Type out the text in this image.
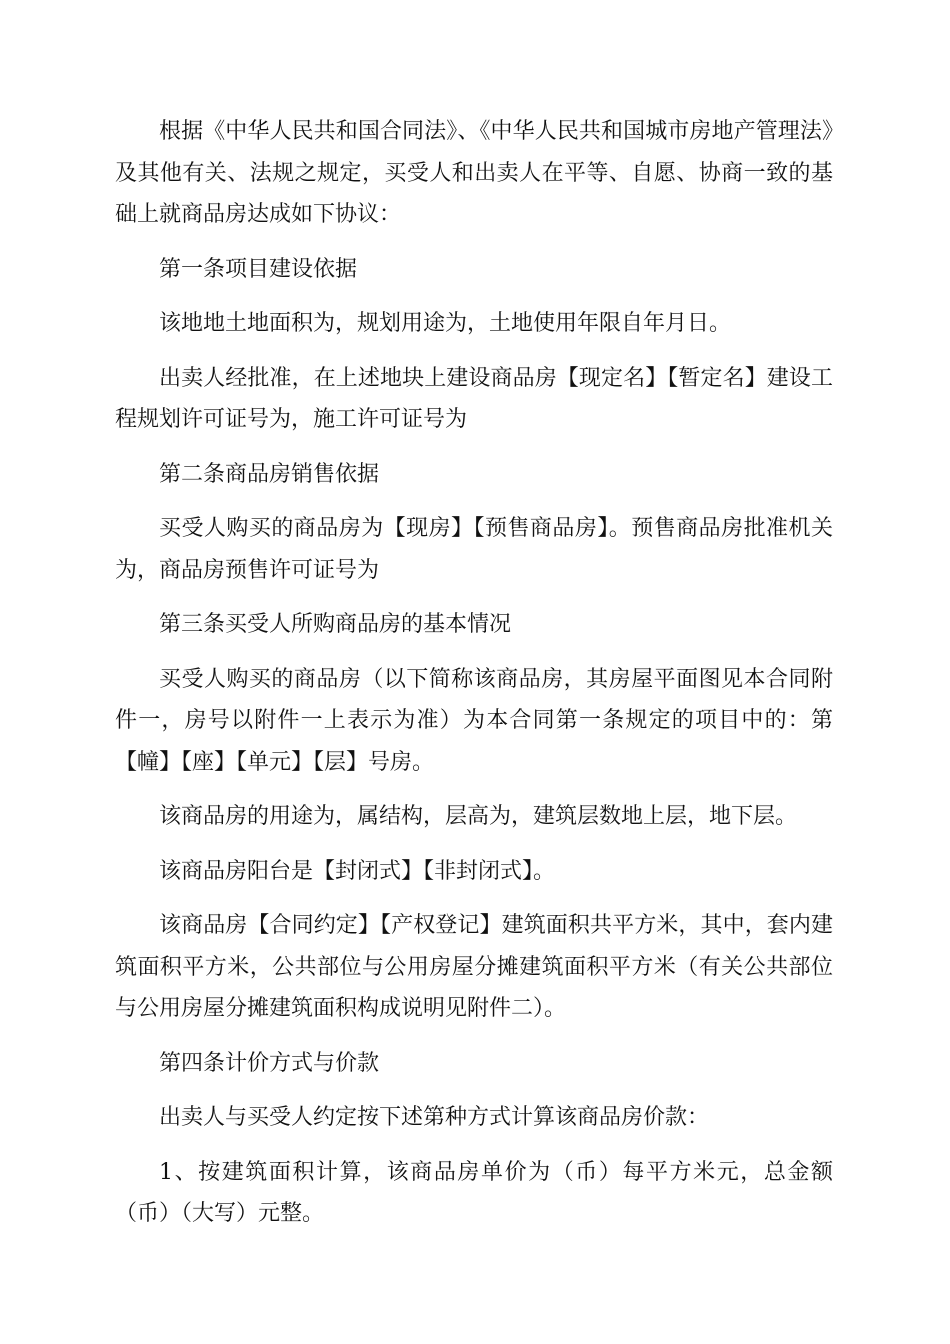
根据《中华人民共和国合同法》、《中华人民共和国城市房地产管理法》及其他有关、法规之规定，买受人和出卖人在平等、自愿、协商一致的基础上就商品房达成如下协议：

第一条项目建设依据

该地地土地面积为，规划用途为，土地使用年限自年月日。

出卖人经批准，在上述地块上建设商品房【现定名】【暂定名】建设工程规划许可证号为，施工许可证号为

第二条商品房销售依据

买受人购买的商品房为【现房】【预售商品房】。预售商品房批准机关为，商品房预售许可证号为

第三条买受人所购商品房的基本情况

买受人购买的商品房（以下简称该商品房，其房屋平面图见本合同附件一，房号以附件一上表示为准）为本合同第一条规定的项目中的：第【幢】【座】【单元】【层】号房。

该商品房的用途为，属结构，层高为，建筑层数地上层，地下层。

该商品房阳台是【封闭式】【非封闭式】。

该商品房【合同约定】【产权登记】建筑面积共平方米，其中，套内建筑面积平方米，公共部位与公用房屋分摊建筑面积平方米（有关公共部位与公用房屋分摊建筑面积构成说明见附件二）。

第四条计价方式与价款

出卖人与买受人约定按下述第种方式计算该商品房价款：

1、按建筑面积计算，该商品房单价为（币）每平方米元，总金额（币）（大写）元整。
